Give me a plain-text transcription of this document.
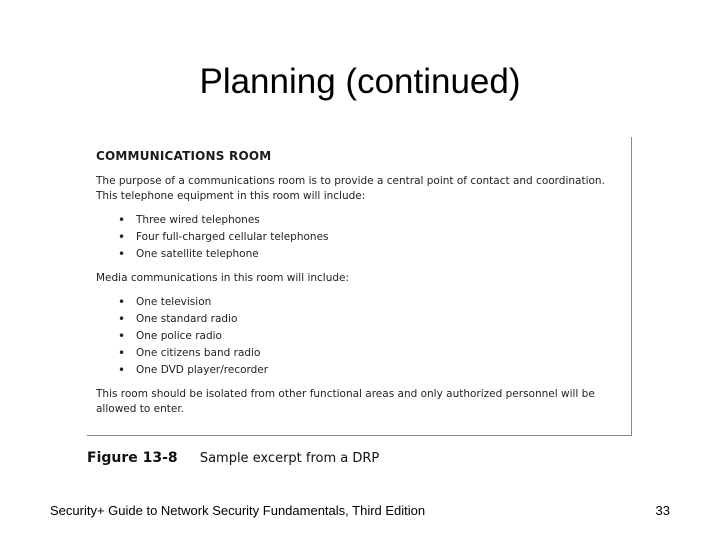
Planning (continued)
COMMUNICATIONS ROOM

The purpose of a communications room is to provide a central point of contact and coordination. This telephone equipment in this room will include:

• Three wired telephones
• Four full-charged cellular telephones
• One satellite telephone

Media communications in this room will include:

• One television
• One standard radio
• One police radio
• One citizens band radio
• One DVD player/recorder

This room should be isolated from other functional areas and only authorized personnel will be allowed to enter.

Figure 13-8 Sample excerpt from a DRP
Security+ Guide to Network Security Fundamentals, Third Edition	33
